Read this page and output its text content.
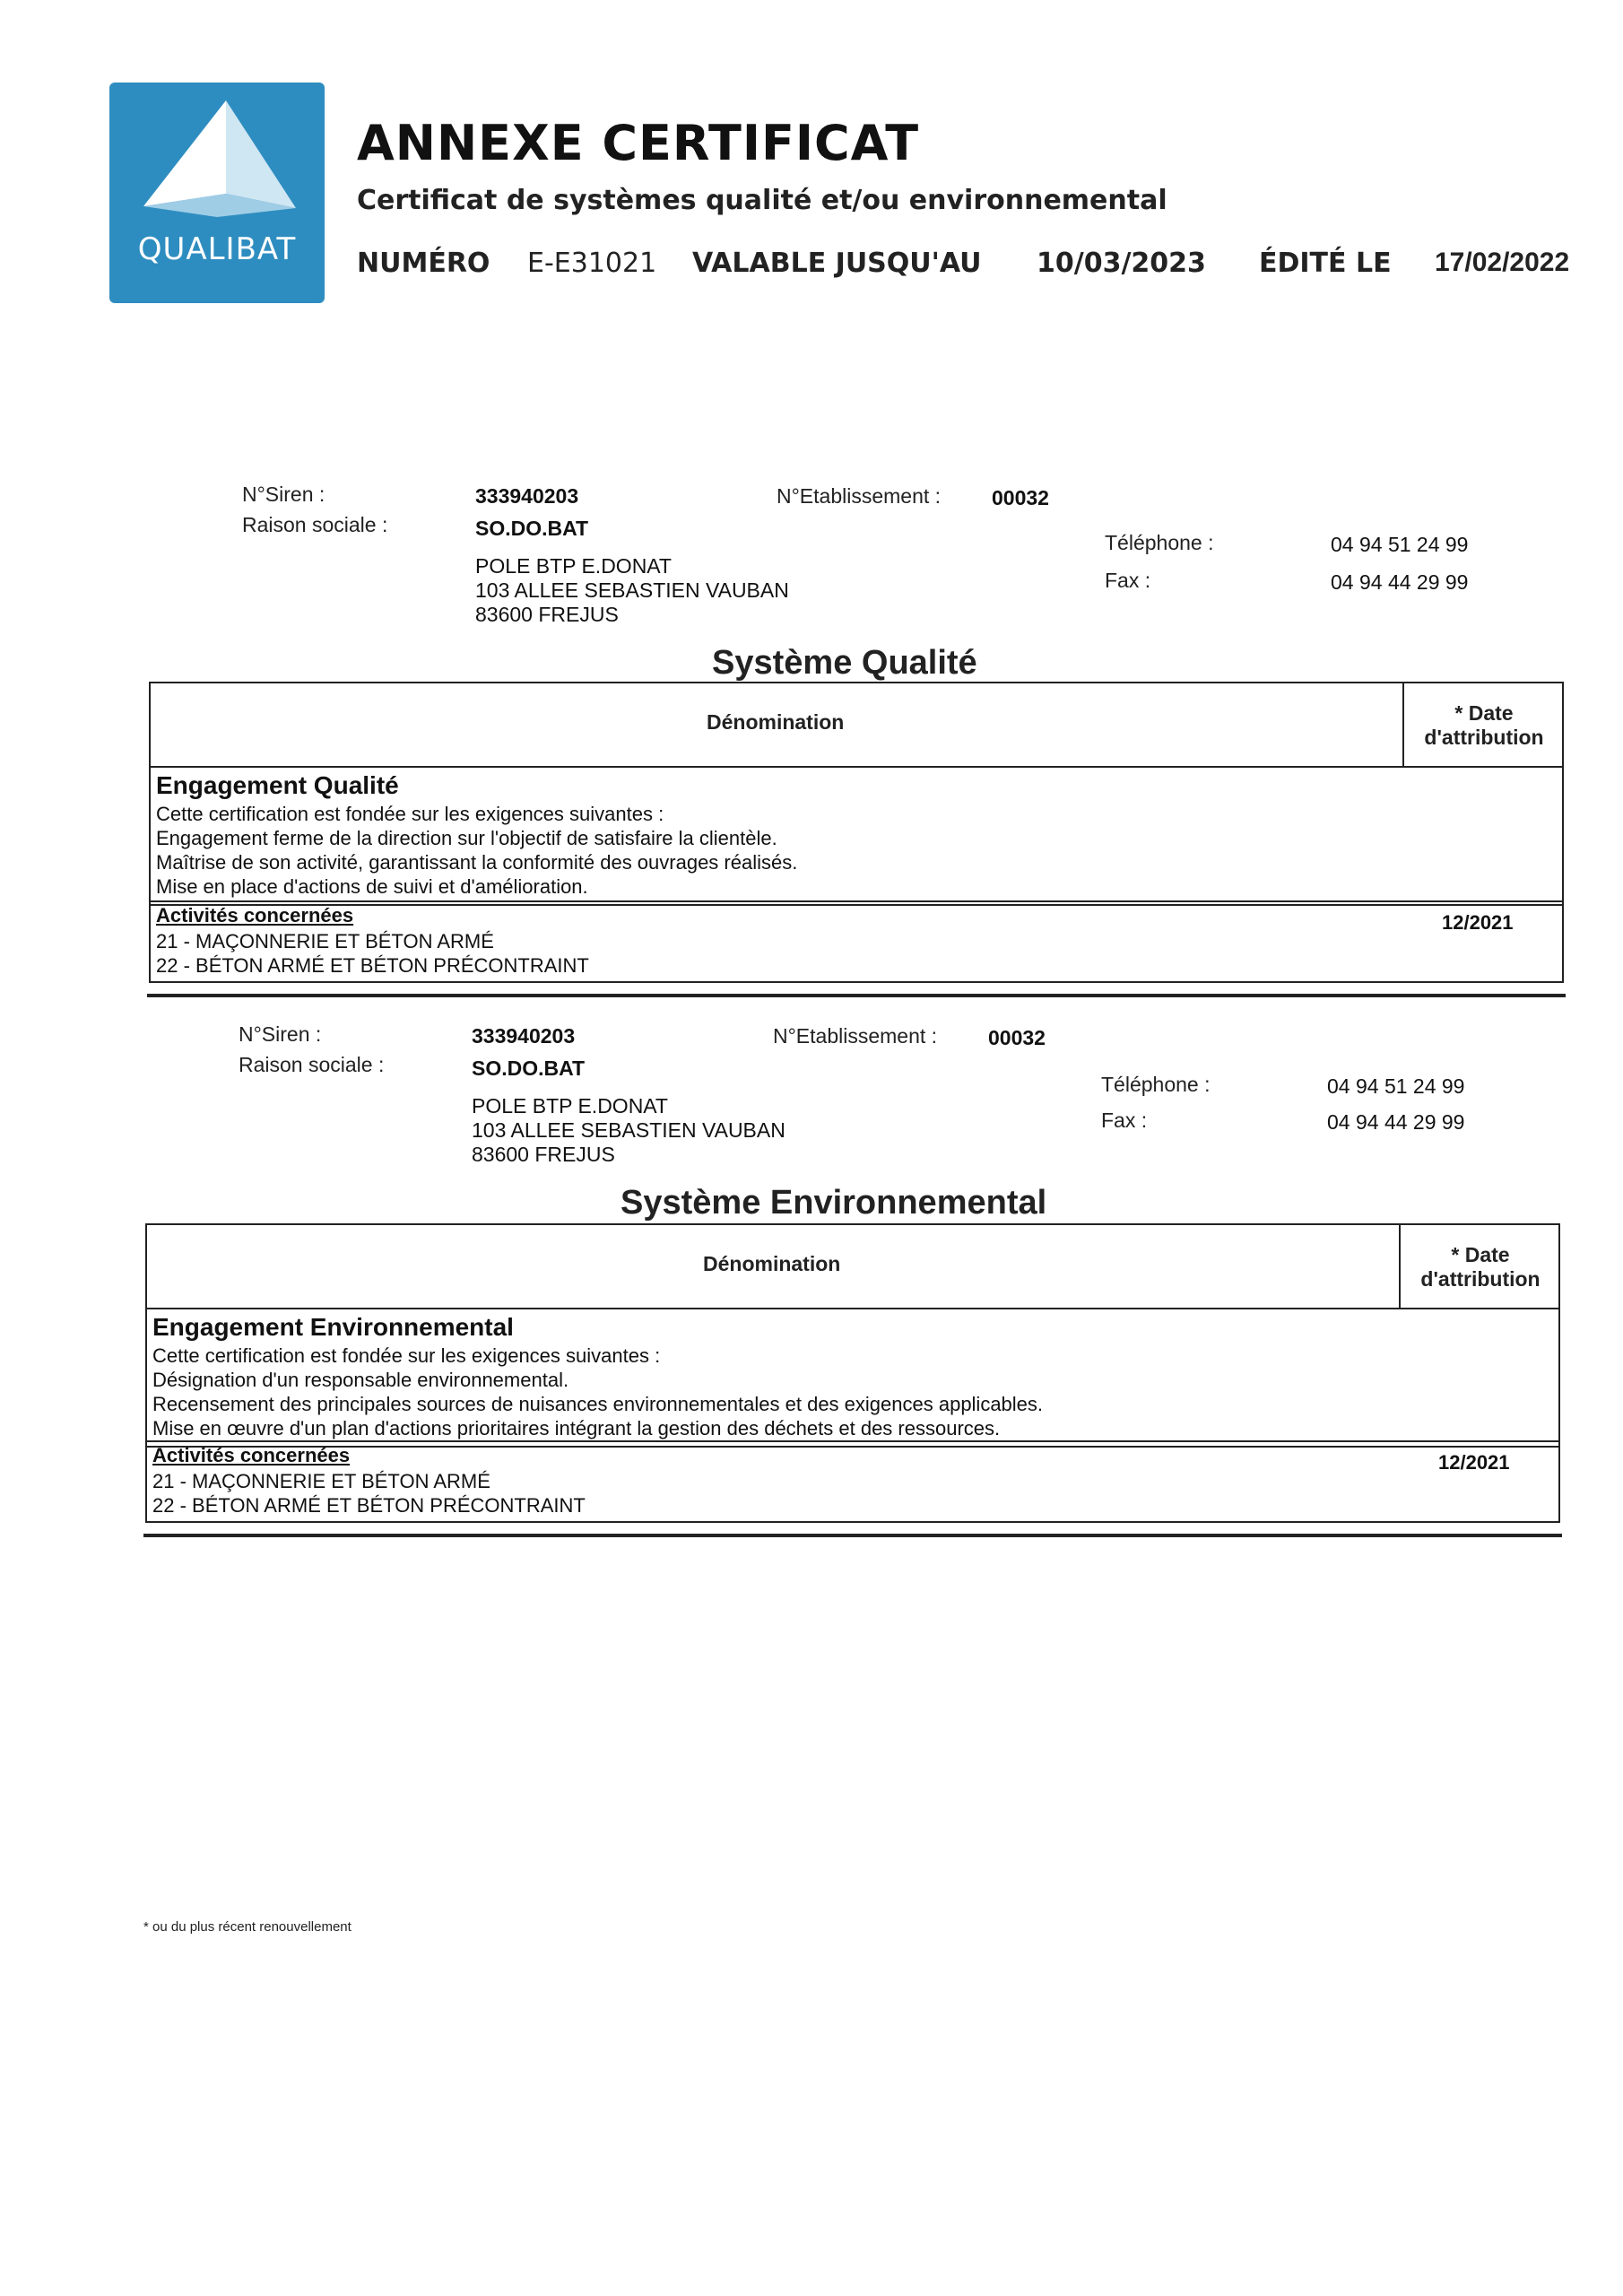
QUALIBAT
ANNEXE CERTIFICAT
Certificat de systèmes qualité et/ou environnemental
NUMÉRO E-E31021 VALABLE JUSQU'AU 10/03/2023 ÉDITÉ LE 17/02/2022
N°Siren :	333940203	N°Etablissement : 00032
Raison sociale :	SO.DO.BAT
POLE BTP E.DONAT
103 ALLEE SEBASTIEN VAUBAN
83600 FREJUS
Téléphone :	04 94 51 24 99
Fax :	04 94 44 29 99
Système Qualité
Dénomination	* Date
d'attribution
Engagement Qualité
Cette certification est fondée sur les exigences suivantes :
Engagement ferme de la direction sur l'objectif de satisfaire la clientèle.
Maîtrise de son activité, garantissant la conformité des ouvrages réalisés.
Mise en place d'actions de suivi et d'amélioration.
Activités concernées
21 - MAÇONNERIE ET BÉTON ARMÉ
22 - BÉTON ARMÉ ET BÉTON PRÉCONTRAINT
12/2021
N°Siren :	333940203	N°Etablissement : 00032
Raison sociale :	SO.DO.BAT
POLE BTP E.DONAT
103 ALLEE SEBASTIEN VAUBAN
83600 FREJUS
Téléphone :	04 94 51 24 99
Fax :	04 94 44 29 99
Système Environnemental
Dénomination	* Date
d'attribution
Engagement Environnemental
Cette certification est fondée sur les exigences suivantes :
Désignation d'un responsable environnemental.
Recensement des principales sources de nuisances environnementales et des exigences applicables.
Mise en œuvre d'un plan d'actions prioritaires intégrant la gestion des déchets et des ressources.
Activités concernées
21 - MAÇONNERIE ET BÉTON ARMÉ
22 - BÉTON ARMÉ ET BÉTON PRÉCONTRAINT
12/2021
* ou du plus récent renouvellement
